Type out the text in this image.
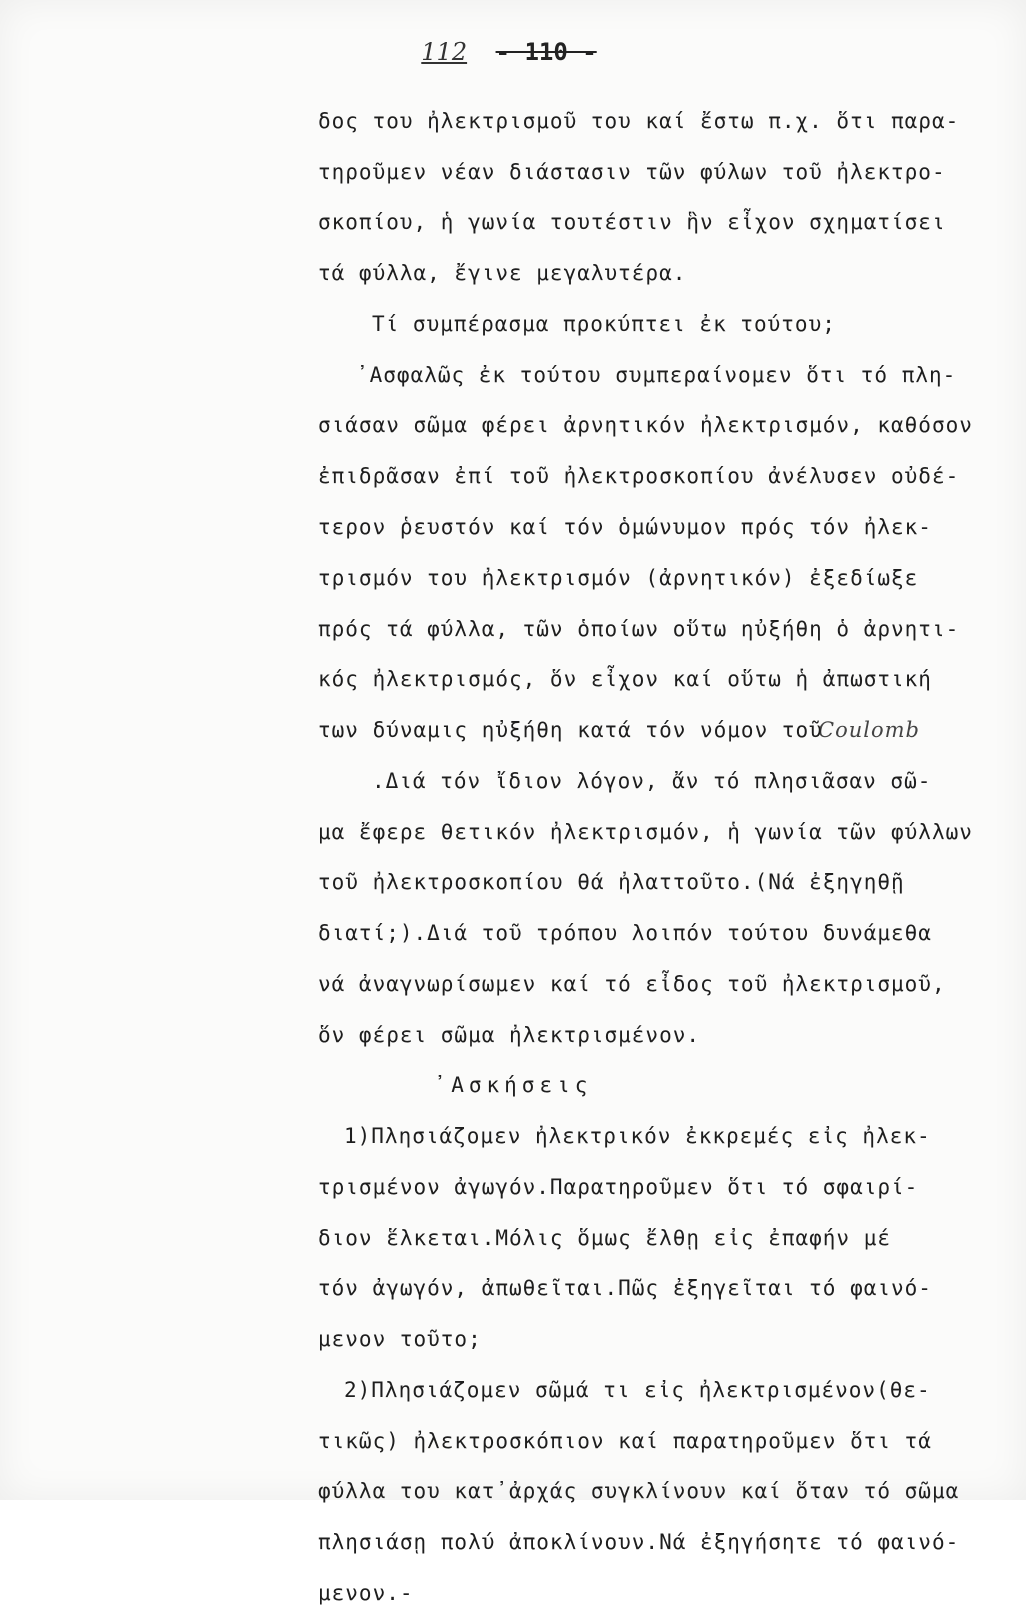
112 - 110 -
᾿Ασκήσεις
Coulomb
δος του ἠλεκτρισμοῦ του καί ἔστω π.χ. ὅτι παρα-
τηροῦμεν νέαν διάστασιν τῶν φύλων τοῦ ἠλεκτρο-
σκοπίου, ἡ γωνία τουτέστιν ἣν εἶχον σχηματίσει
τά φύλλα, ἔγινε μεγαλυτέρα.
Τί συμπέρασμα προκύπτει ἐκ τούτου;
᾿Ασφαλῶς ἐκ τούτου συμπεραίνομεν ὅτι τό πλη-
σιάσαν σῶμα φέρει ἀρνητικόν ἠλεκτρισμόν, καθόσον
ἐπιδρᾶσαν ἐπί τοῦ ἠλεκτροσκοπίου ἀνέλυσεν οὐδέ-
τερον ῥευστόν καί τόν ὁμώνυμον πρός τόν ἠλεκ-
τρισμόν του ἠλεκτρισμόν (ἀρνητικόν) ἐξεδίωξε
πρός τά φύλλα, τῶν ὁποίων οὕτω ηὐξήθη ὁ ἀρνητι-
κός ἠλεκτρισμός, ὅν εἶχον καί οὕτω ἡ ἀπωστική
των δύναμις ηὐξήθη κατά τόν νόμον τοῦ
.Διά τόν ἴδιον λόγον, ἄν τό πλησιᾶσαν σῶ-
μα ἔφερε θετικόν ἠλεκτρισμόν, ἡ γωνία τῶν φύλλων
τοῦ ἠλεκτροσκοπίου θά ἠλαττοῦτο.(Νά ἐξηγηθῇ
διατί;).Διά τοῦ τρόπου λοιπόν τούτου δυνάμεθα
νά ἀναγνωρίσωμεν καί τό εἶδος τοῦ ἠλεκτρισμοῦ,
ὅν φέρει σῶμα ἠλεκτρισμένον.
1)Πλησιάζομεν ἠλεκτρικόν ἐκκρεμές εἰς ἠλεκ-
τρισμένον ἀγωγόν.Παρατηροῦμεν ὅτι τό σφαιρί-
διον ἕλκεται.Μόλις ὅμως ἔλθῃ εἰς ἐπαφήν μέ
τόν ἀγωγόν, ἀπωθεῖται.Πῶς ἐξηγεῖται τό φαινό-
μενον τοῦτο;
2)Πλησιάζομεν σῶμά τι εἰς ἠλεκτρισμένον(θε-
τικῶς) ἠλεκτροσκόπιον καί παρατηροῦμεν ὅτι τά
φύλλα του κατ᾿ἀρχάς συγκλίνουν καί ὅταν τό σῶμα
πλησιάσῃ πολύ ἀποκλίνουν.Νά ἐξηγήσητε τό φαινό-
μενον.-
